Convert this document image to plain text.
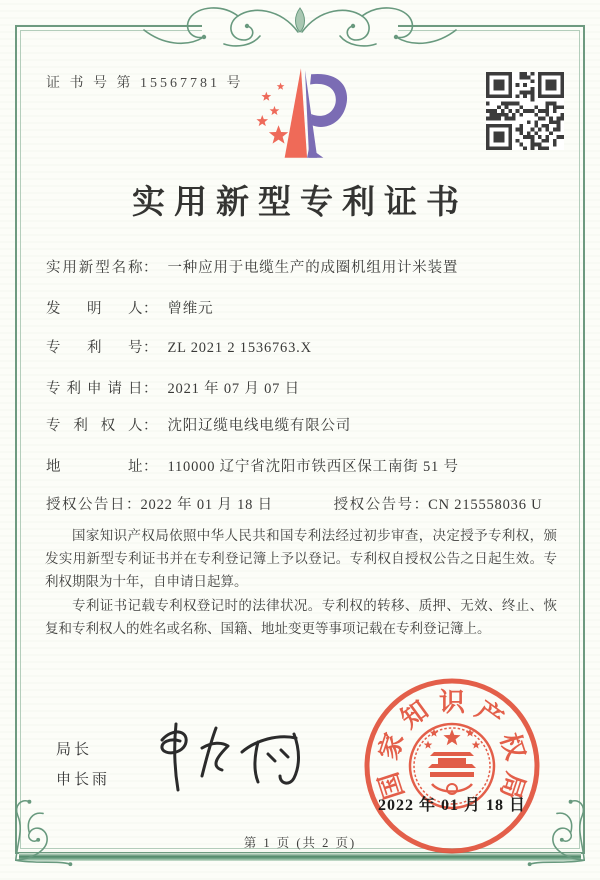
证 书 号 第 15567781 号
实用新型专利证书
实用新型名称： 一种应用于电缆生产的成圈机组用计米装置
发明人： 曾维元
专利号： ZL 2021 2 1536763.X
专利申请日： 2021 年 07 月 07 日
专利权人： 沈阳辽缆电线电缆有限公司
地址： 110000 辽宁省沈阳市铁西区保工南街 51 号
授权公告日：2022 年 01 月 18 日	授权公告号：CN 215558036 U

国家知识产权局依照中华人民共和国专利法经过初步审查，决定授予专利权，颁发实用新型专利证书并在专利登记簿上予以登记。专利权自授权公告之日起生效。专利权期限为十年，自申请日起算。

专利证书记载专利权登记时的法律状况。专利权的转移、质押、无效、终止、恢复和专利权人的姓名或名称、国籍、地址变更等事项记载在专利登记簿上。

局长
申长雨	国
家
知 识 产
权
局
2022 年 01 月 18 日
第 1 页 (共 2 页)
